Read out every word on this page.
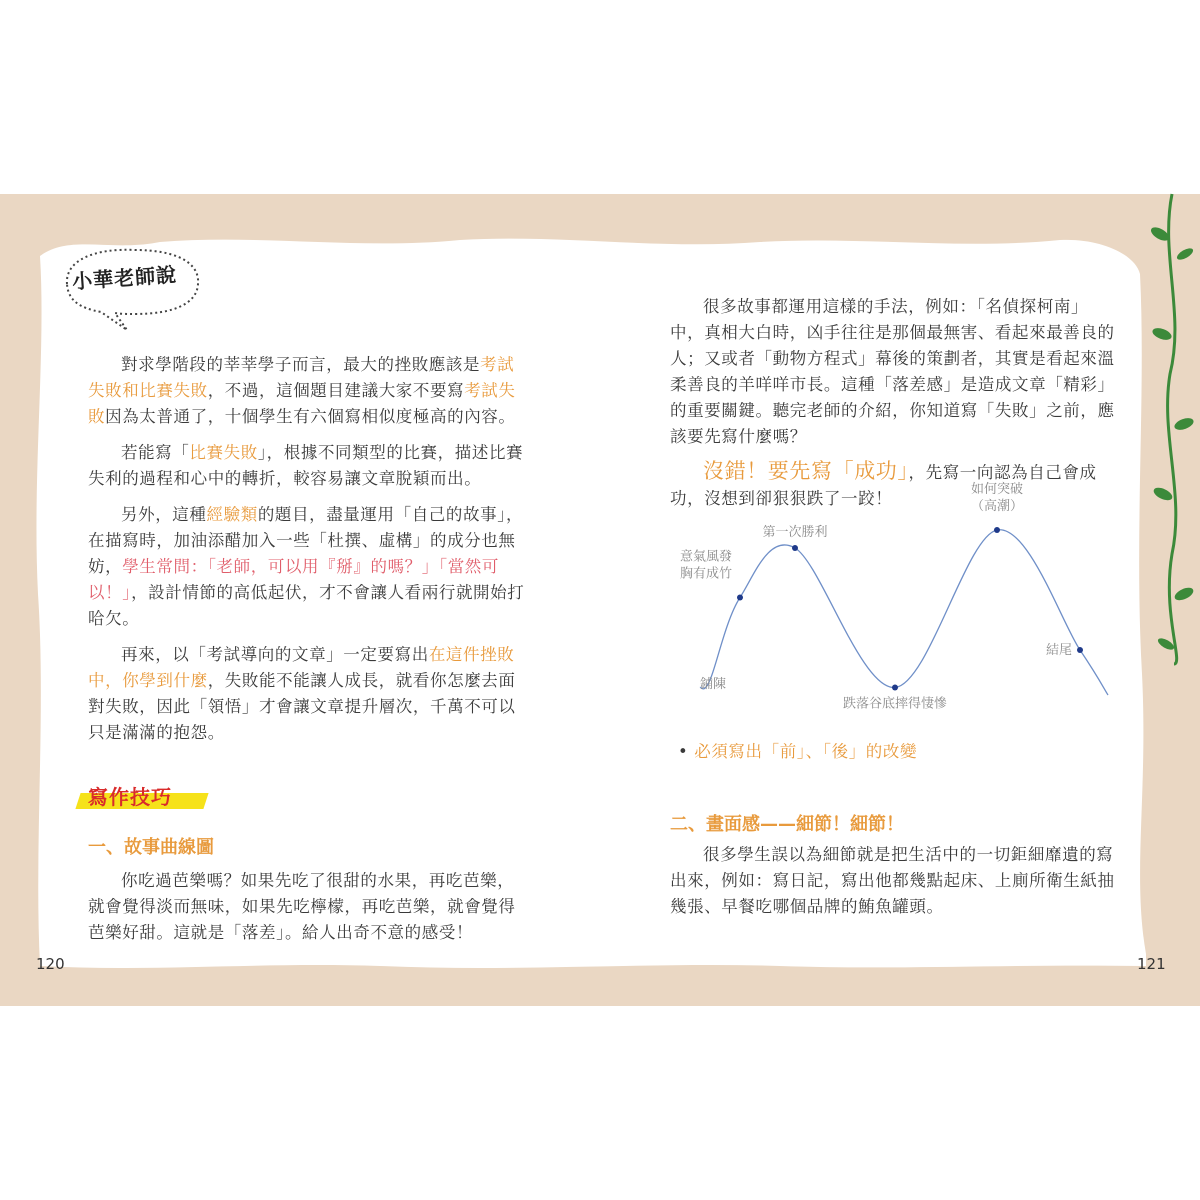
小華老師說

對求學階段的莘莘學子而言，最大的挫敗應該是考試失敗和比賽失敗，不過，這個題目建議大家不要寫考試失敗因為太普通了，十個學生有六個寫相似度極高的內容。

若能寫「比賽失敗」，根據不同類型的比賽，描述比賽失利的過程和心中的轉折，較容易讓文章脫穎而出。

另外，這種經驗類的題目，盡量運用「自己的故事」，在描寫時，加油添醋加入一些「杜撰、虛構」的成分也無妨，學生常問：「老師，可以用『掰』的嗎？」「當然可以！」，設計情節的高低起伏，才不會讓人看兩行就開始打哈欠。

再來，以「考試導向的文章」一定要寫出在這件挫敗中，你學到什麼，失敗能不能讓人成長，就看你怎麼去面對失敗，因此「領悟」才會讓文章提升層次，千萬不可以只是滿滿的抱怨。

寫作技巧
一、故事曲線圖

你吃過芭樂嗎？如果先吃了很甜的水果，再吃芭樂，就會覺得淡而無味，如果先吃檸檬，再吃芭樂，就會覺得芭樂好甜。這就是「落差」。給人出奇不意的感受！

120

很多故事都運用這樣的手法，例如：「名偵探柯南」中，真相大白時，凶手往往是那個最無害、看起來最善良的人；又或者「動物方程式」幕後的策劃者，其實是看起來溫柔善良的羊咩咩市長。這種「落差感」是造成文章「精彩」的重要關鍵。聽完老師的介紹，你知道寫「失敗」之前，應該要先寫什麼嗎？

沒錯！要先寫「成功」，先寫一向認為自己會成功，沒想到卻狠狠跌了一跤！

鋪陳
意氣風發
胸有成竹
第一次勝利
跌落谷底摔得悽慘
如何突破
（高潮）
結尾
• 必須寫出「前」、「後」的改變
二、畫面感——細節！細節！

很多學生誤以為細節就是把生活中的一切鉅細靡遺的寫出來，例如：寫日記，寫出他都幾點起床、上廁所衛生紙抽幾張、早餐吃哪個品牌的鮪魚罐頭。

121
